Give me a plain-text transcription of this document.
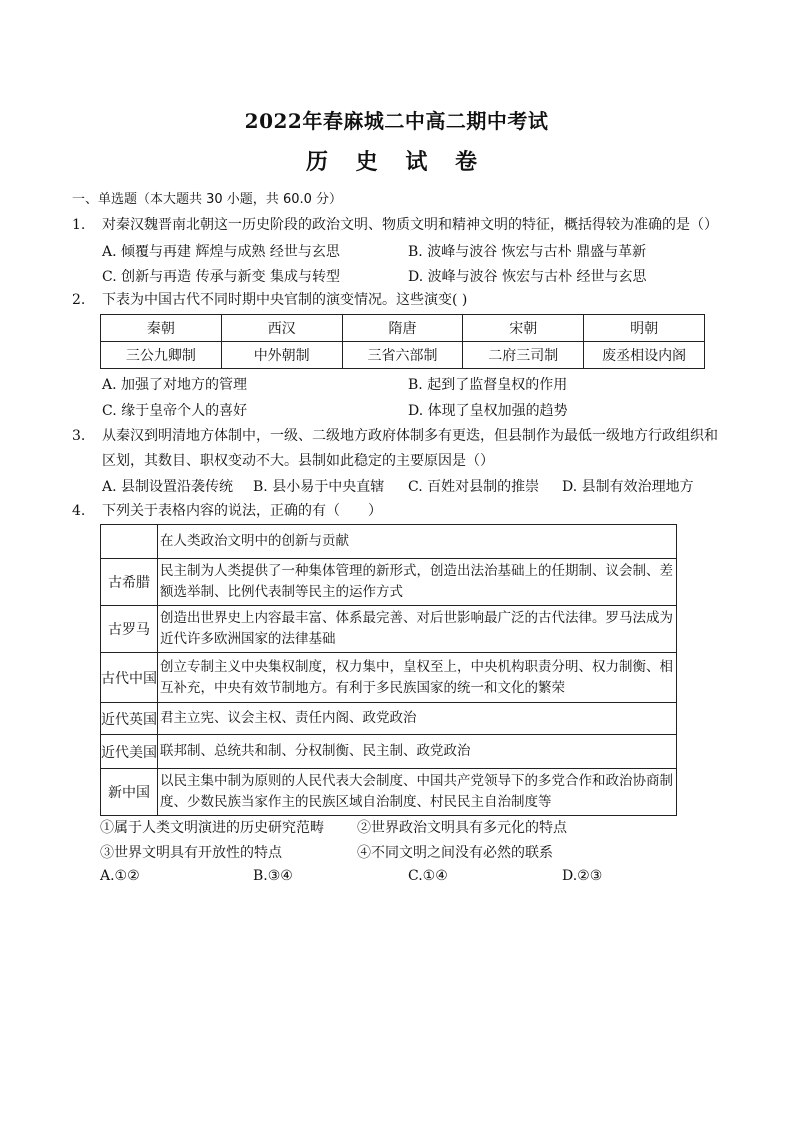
2022年春麻城二中高二期中考试
历 史 试 卷
一、单选题（本大题共 30 小题，共 60.0 分）
1. 对秦汉魏晋南北朝这一历史阶段的政治文明、物质文明和精神文明的特征，概括得较为准确的是（）
A. 倾覆与再建 辉煌与成熟 经世与玄思	B. 波峰与波谷 恢宏与古朴 鼎盛与革新
C. 创新与再造 传承与新变 集成与转型	D. 波峰与波谷 恢宏与古朴 经世与玄思
2. 下表为中国古代不同时期中央官制的演变情况。这些演变( )
秦朝	西汉	隋唐	宋朝	明朝
三公九卿制	中外朝制	三省六部制	二府三司制	废丞相设内阁
A. 加强了对地方的管理	B. 起到了监督皇权的作用
C. 缘于皇帝个人的喜好	D. 体现了皇权加强的趋势
3. 从秦汉到明清地方体制中，一级、二级地方政府体制多有更迭，但县制作为最低一级地方行政组织和
区划，其数目、职权变动不大。县制如此稳定的主要原因是（）
A. 县制设置沿袭传统 B. 县小易于中央直辖 C. 百姓对县制的推崇 D. 县制有效治理地方
4. 下列关于表格内容的说法，正确的有（　　）
	在人类政治文明中的创新与贡献
古希腊	民主制为人类提供了一种集体管理的新形式，创造出法治基础上的任期制、议会制、差额选举制、比例代表制等民主的运作方式
古罗马	创造出世界史上内容最丰富、体系最完善、对后世影响最广泛的古代法律。罗马法成为近代许多欧洲国家的法律基础
古代中国	创立专制主义中央集权制度，权力集中，皇权至上，中央机构职责分明、权力制衡、相互补充，中央有效节制地方。有利于多民族国家的统一和文化的繁荣
近代英国	君主立宪、议会主权、责任内阁、政党政治
近代美国	联邦制、总统共和制、分权制衡、民主制、政党政治
新中国	以民主集中制为原则的人民代表大会制度、中国共产党领导下的多党合作和政治协商制度、少数民族当家作主的民族区域自治制度、村民民主自治制度等
①属于人类文明演进的历史研究范畴 ②世界政治文明具有多元化的特点
③世界文明具有开放性的特点	④不同文明之间没有必然的联系
A.①②	B.③④	C.①④	D.②③
